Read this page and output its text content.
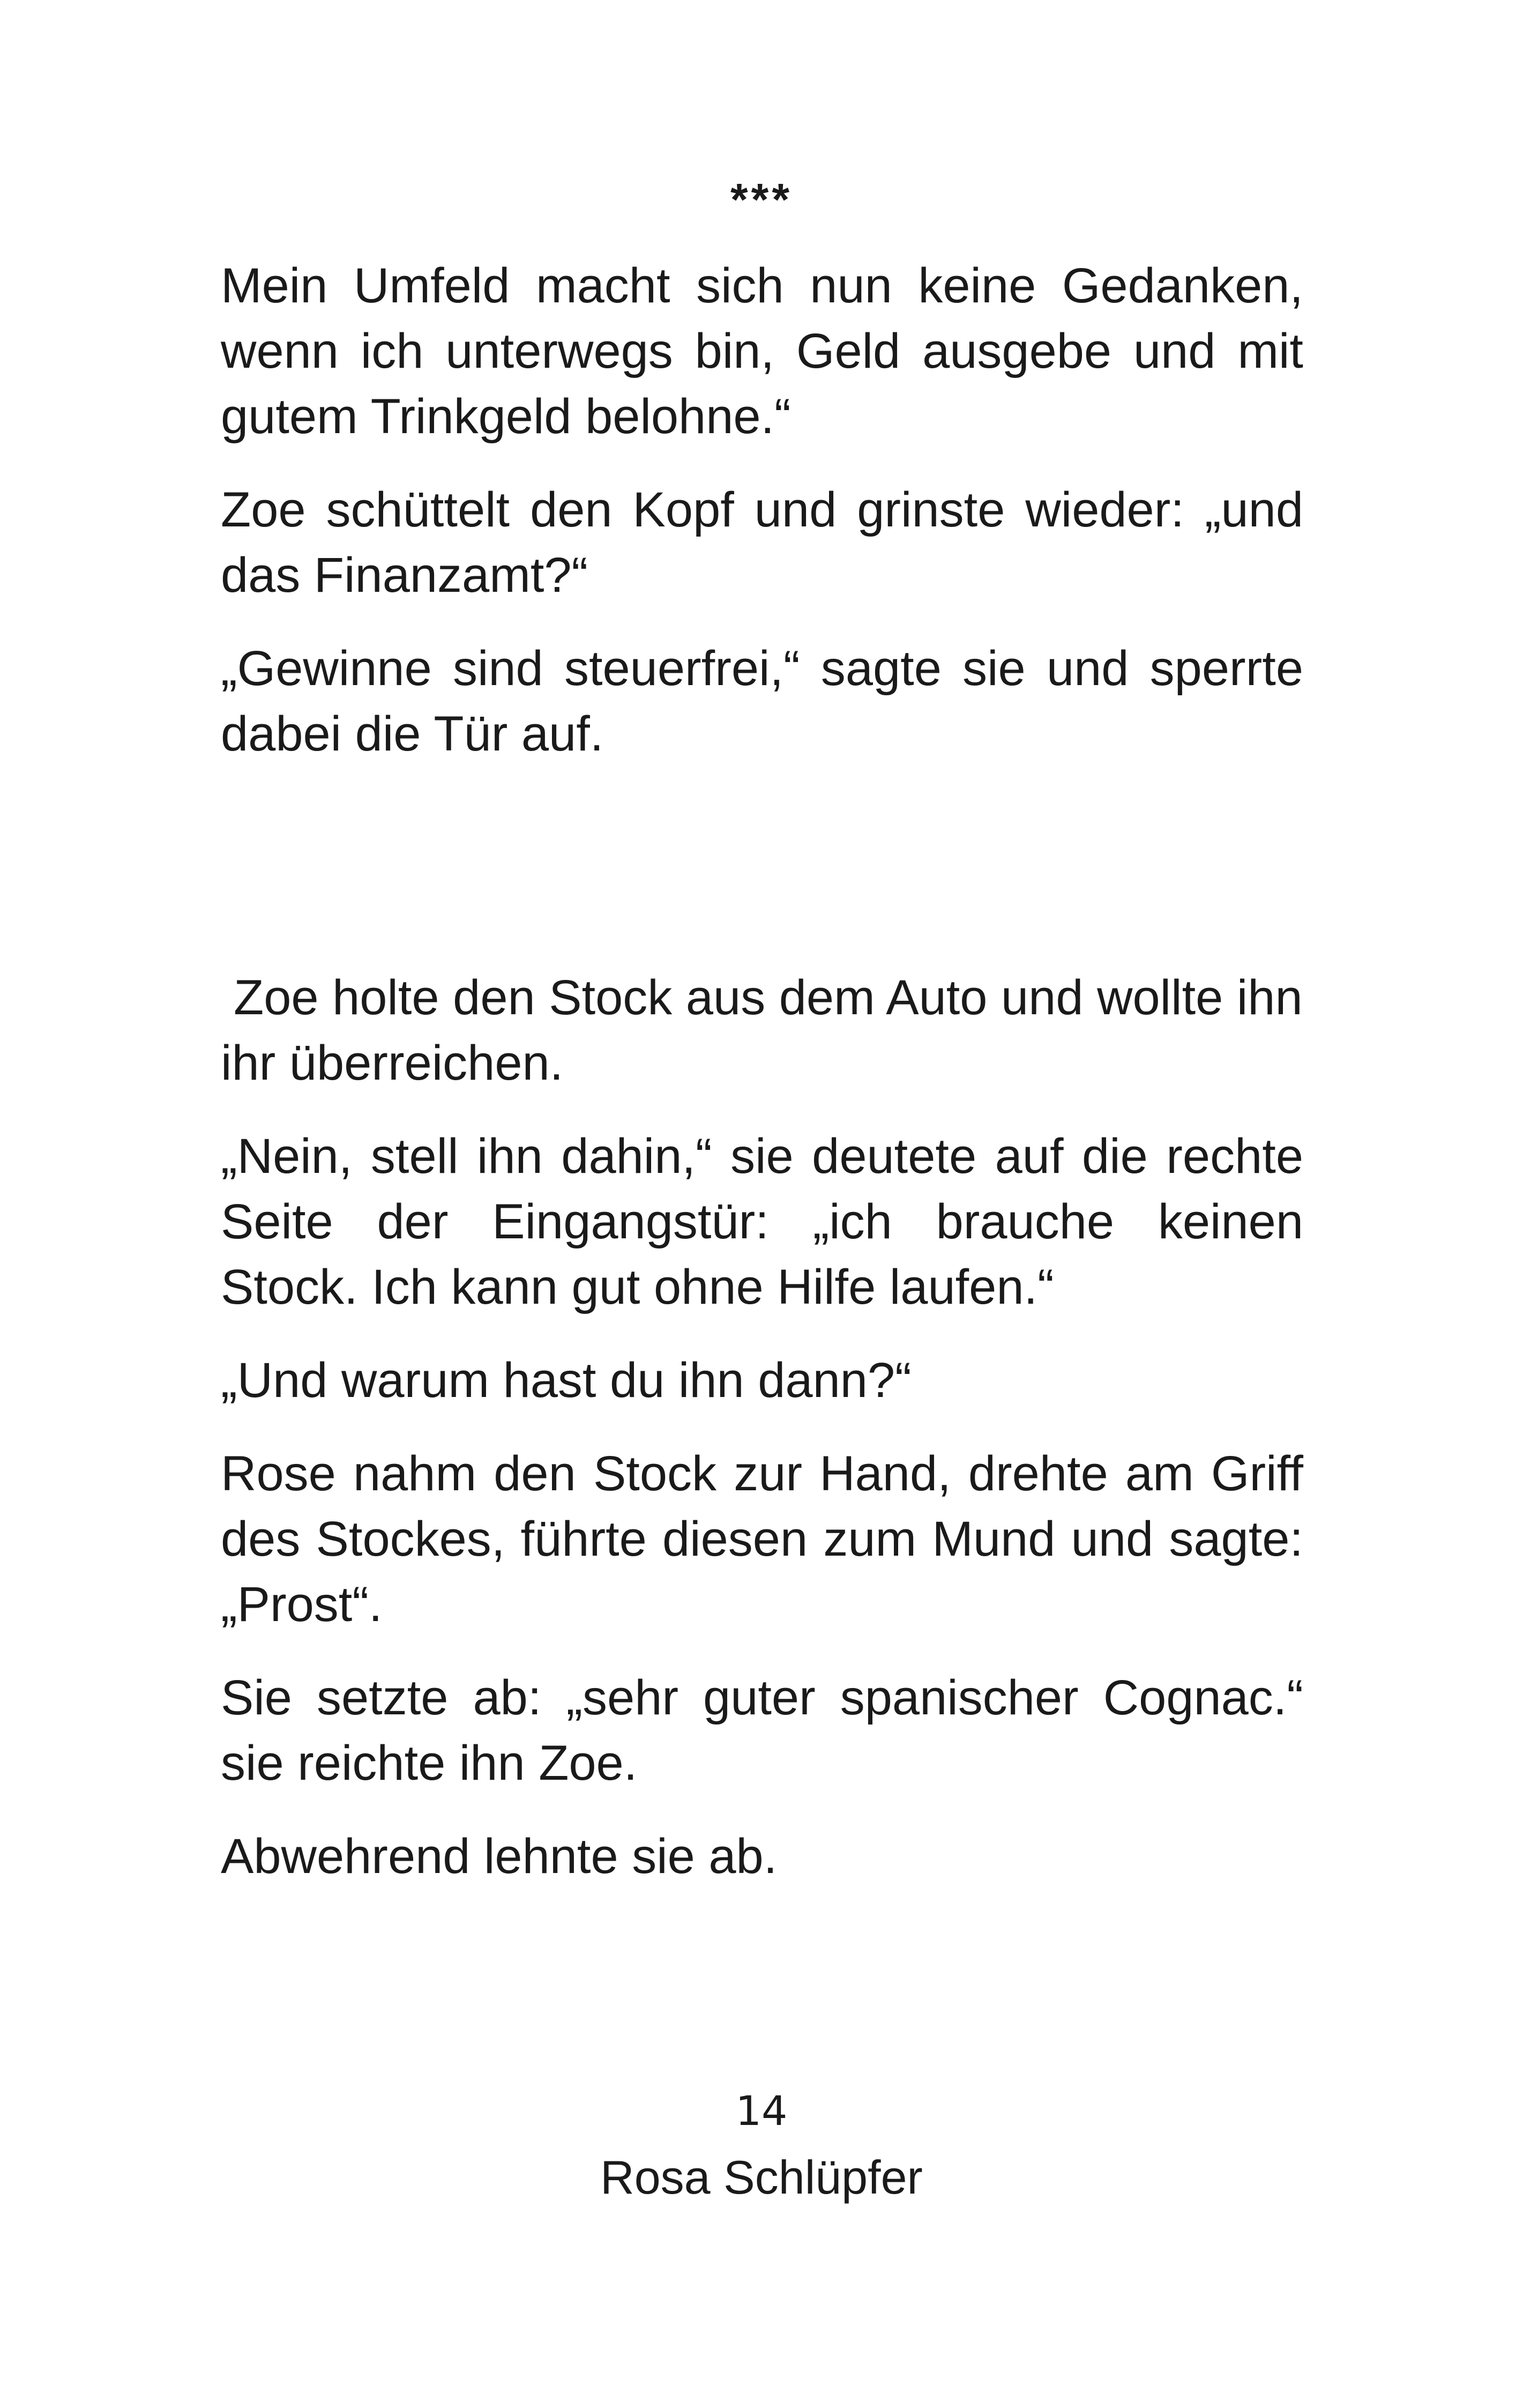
***

Mein Umfeld macht sich nun keine Gedanken, wenn ich unterwegs bin, Geld ausgebe und mit gutem Trinkgeld belohne.“

Zoe schüttelt den Kopf und grinste wieder: „und das Finanzamt?“

„Gewinne sind steuerfrei,“ sagte sie und sperrte dabei die Tür auf.

Zoe holte den Stock aus dem Auto und wollte ihn ihr überreichen.

„Nein, stell ihn dahin,“ sie deutete auf die rechte Seite der Eingangstür: „ich brauche keinen Stock. Ich kann gut ohne Hilfe laufen.“

„Und warum hast du ihn dann?“

Rose nahm den Stock zur Hand, drehte am Griff des Stockes, führte diesen zum Mund und sagte: „Prost“.

Sie setzte ab: „sehr guter spanischer Cognac.“ sie reichte ihn Zoe.

Abwehrend lehnte sie ab.

14
Rosa Schlüpfer
